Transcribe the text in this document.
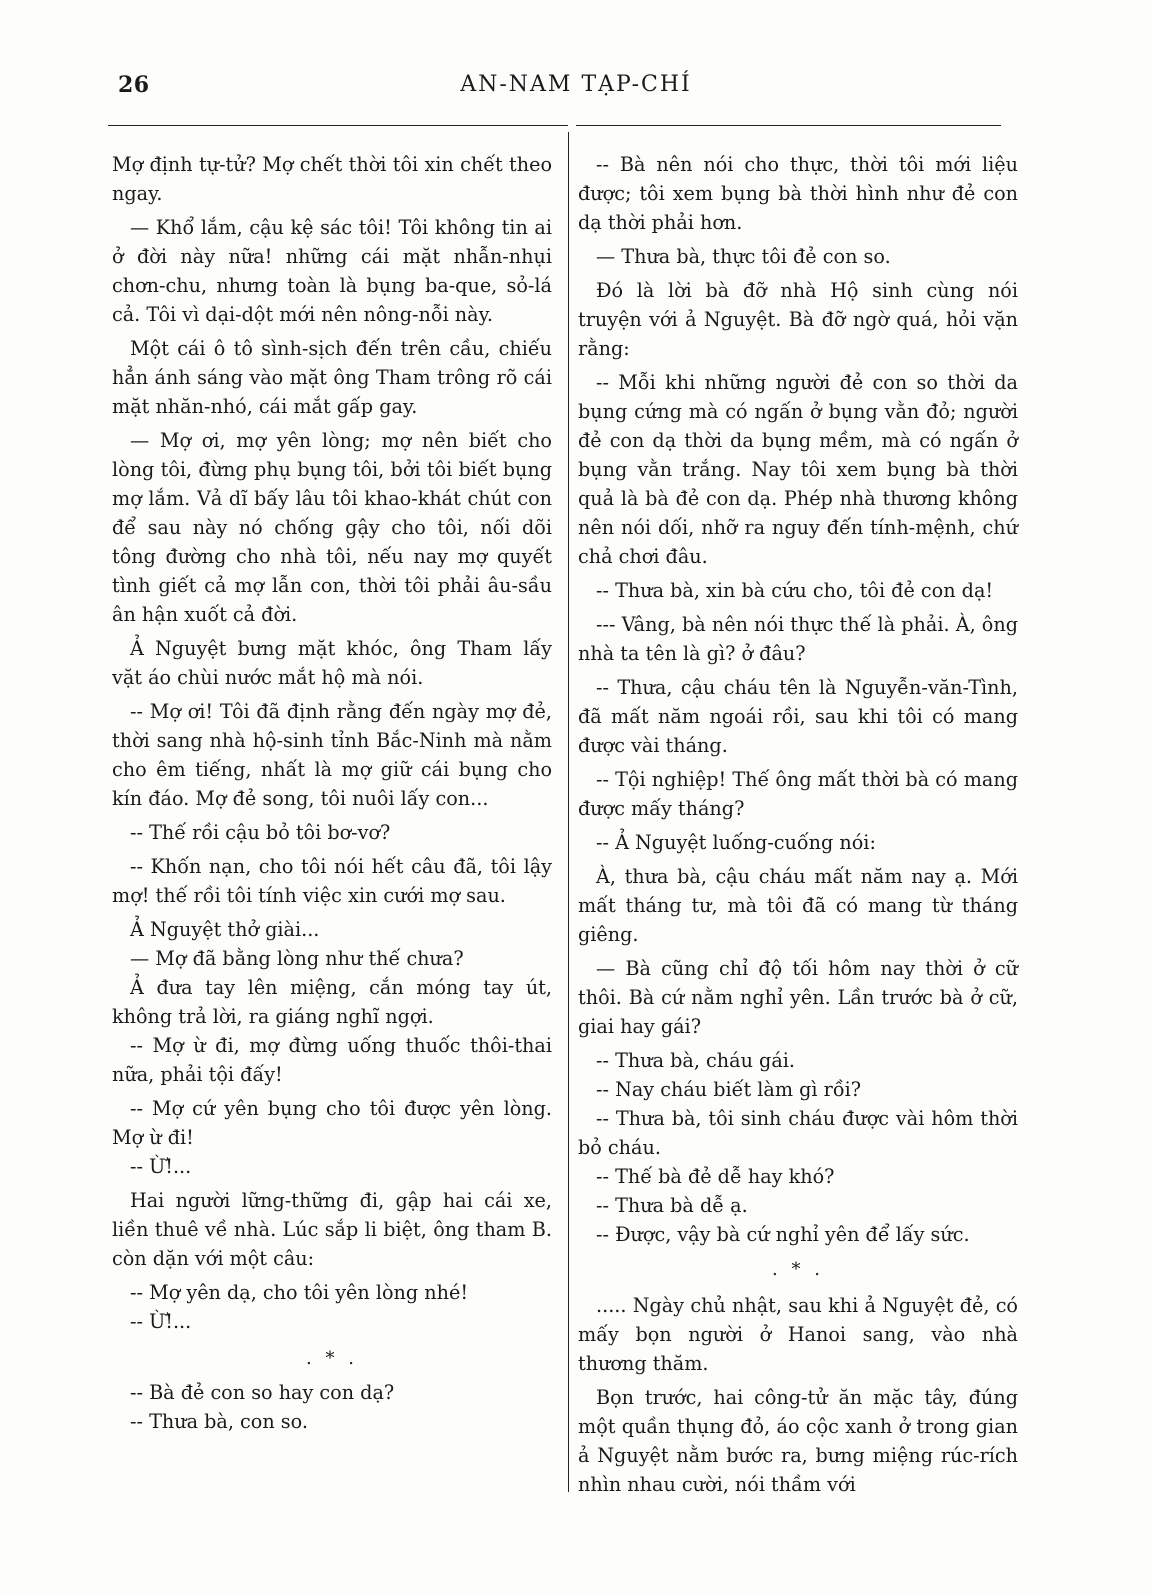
26	AN-NAM TẠP-CHÍ

Mợ định tự-tử? Mợ chết thời tôi xin chết theo ngay.

— Khổ lắm, cậu kệ sác tôi! Tôi không tin ai ở đời này nữa! những cái mặt nhẫn-nhụi chơn-chu, nhưng toàn là bụng ba-que, sỏ-lá cả. Tôi vì dại-dột mới nên nông-nỗi này.

Một cái ô tô sình-sịch đến trên cầu, chiếu hẳn ánh sáng vào mặt ông Tham trông rõ cái mặt nhăn-nhó, cái mắt gấp gay.

— Mợ ơi, mợ yên lòng; mợ nên biết cho lòng tôi, đừng phụ bụng tôi, bởi tôi biết bụng mợ lắm. Vả dĩ bấy lâu tôi khao-khát chút con để sau này nó chống gậy cho tôi, nối dõi tông đường cho nhà tôi, nếu nay mợ quyết tình giết cả mợ lẫn con, thời tôi phải âu-sầu ân hận xuốt cả đời.

Ả Nguyệt bưng mặt khóc, ông Tham lấy vặt áo chùi nước mắt hộ mà nói.

-- Mợ ơi! Tôi đã định rằng đến ngày mợ đẻ, thời sang nhà hộ-sinh tỉnh Bắc-Ninh mà nằm cho êm tiếng, nhất là mợ giữ cái bụng cho kín đáo. Mợ đẻ song, tôi nuôi lấy con...

-- Thế rồi cậu bỏ tôi bơ-vơ?

-- Khốn nạn, cho tôi nói hết câu đã, tôi lậy mợ! thế rồi tôi tính việc xin cưới mợ sau.

Ả Nguyệt thở giài...

— Mợ đã bằng lòng như thế chưa?

Ả đưa tay lên miệng, cắn móng tay út, không trả lời, ra giáng nghĩ ngợi.

-- Mợ ừ đi, mợ đừng uống thuốc thôi-thai nữa, phải tội đấy!

-- Mợ cứ yên bụng cho tôi được yên lòng. Mợ ừ đi!

-- Ừ!...

Hai người lững-thững đi, gập hai cái xe, liền thuê về nhà. Lúc sắp li biệt, ông tham B. còn dặn với một câu:

-- Mợ yên dạ, cho tôi yên lòng nhé!

-- Ừ!...

. * .

-- Bà đẻ con so hay con dạ?

-- Thưa bà, con so.

-- Bà nên nói cho thực, thời tôi mới liệu được; tôi xem bụng bà thời hình như đẻ con dạ thời phải hơn.

— Thưa bà, thực tôi đẻ con so.

Đó là lời bà đỡ nhà Hộ sinh cùng nói truyện với ả Nguyệt. Bà đỡ ngờ quá, hỏi vặn rằng:

-- Mỗi khi những người đẻ con so thời da bụng cứng mà có ngấn ở bụng vằn đỏ; người đẻ con dạ thời da bụng mềm, mà có ngấn ở bụng vằn trắng. Nay tôi xem bụng bà thời quả là bà đẻ con dạ. Phép nhà thương không nên nói dối, nhỡ ra nguy đến tính-mệnh, chứ chả chơi đâu.

-- Thưa bà, xin bà cứu cho, tôi đẻ con dạ!

--- Vâng, bà nên nói thực thế là phải. À, ông nhà ta tên là gì? ở đâu?

-- Thưa, cậu cháu tên là Nguyễn-văn-Tình, đã mất năm ngoái rồi, sau khi tôi có mang được vài tháng.

-- Tội nghiệp! Thế ông mất thời bà có mang được mấy tháng?

-- Ả Nguyệt luống-cuống nói:

À, thưa bà, cậu cháu mất năm nay ạ. Mới mất tháng tư, mà tôi đã có mang từ tháng giêng.

— Bà cũng chỉ độ tối hôm nay thời ở cữ thôi. Bà cứ nằm nghỉ yên. Lần trước bà ở cữ, giai hay gái?

-- Thưa bà, cháu gái.

-- Nay cháu biết làm gì rồi?

-- Thưa bà, tôi sinh cháu được vài hôm thời bỏ cháu.

-- Thế bà đẻ dễ hay khó?

-- Thưa bà dễ ạ.

-- Được, vậy bà cứ nghỉ yên để lấy sức.

. * .

..... Ngày chủ nhật, sau khi ả Nguyệt đẻ, có mấy bọn người ở Hanoi sang, vào nhà thương thăm.

Bọn trước, hai công-tử ăn mặc tây, đúng một quần thụng đỏ, áo cộc xanh ở trong gian ả Nguyệt nằm bước ra, bưng miệng rúc-rích nhìn nhau cười, nói thầm với
